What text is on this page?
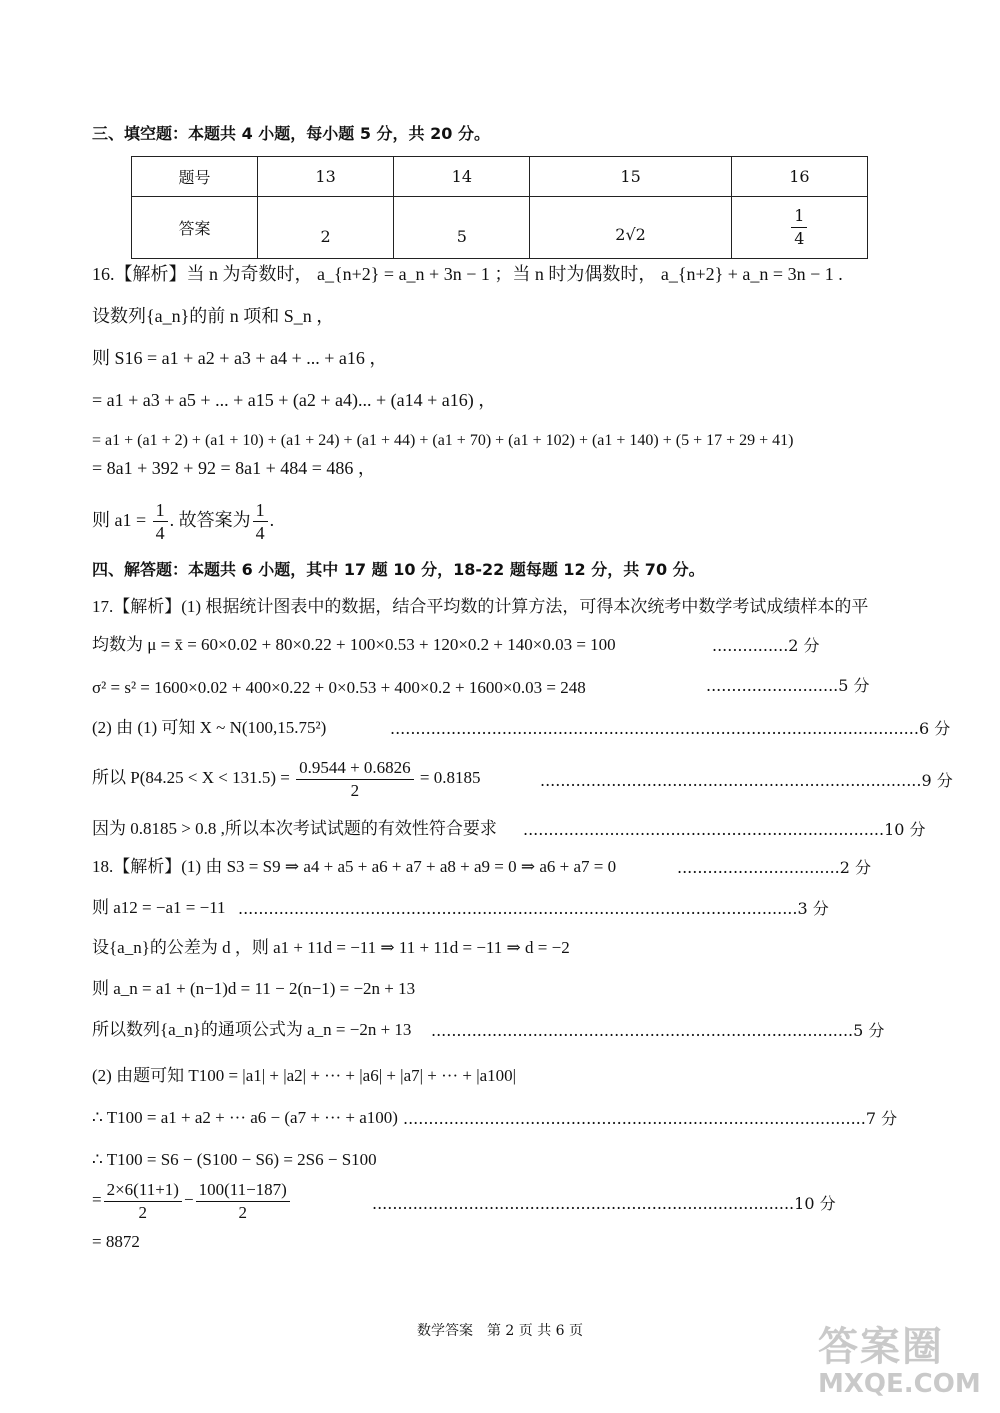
三、填空题：本题共 4 小题，每小题 5 分，共 20 分。
题号	13	14	15	16
答案	2	5	2√2	$\frac{1}{4}$
16.【解析】当 n 为奇数时， a_{n+2} = a_n + 3n − 1 ；当 n 时为偶数时， a_{n+2} + a_n = 3n − 1 .
设数列{a_n}的前 n 项和 S_n ，
则 S16 = a1 + a2 + a3 + a4 + ... + a16 ，
= a1 + a3 + a5 + ... + a15 + (a2 + a4)... + (a14 + a16) ，
= a1 + (a1 + 2) + (a1 + 10) + (a1 + 24) + (a1 + 44) + (a1 + 70) + (a1 + 102) + (a1 + 140) + (5 + 17 + 29 + 41)
= 8a1 + 392 + 92 = 8a1 + 484 = 486 ，
则 $a1 = \frac{1}{4}$ . 故答案为 $\frac{1}{4}$ .
四、解答题：本题共 6 小题，其中 17 题 10 分，18-22 题每题 12 分，共 70 分。
17.【解析】(1) 根据统计图表中的数据，结合平均数的计算方法，可得本次统考中数学考试成绩样本的平
均数为 μ = x̄ = 60×0.02 + 80×0.22 + 100×0.53 + 120×0.2 + 140×0.03 = 100	...............2 分
σ² = s² = 1600×0.02 + 400×0.22 + 0×0.53 + 400×0.2 + 1600×0.03 = 248	..........................5 分
(2) 由 (1) 可知 X ~ N(100,15.75²)	........................................................................................................6 分
所以 $P(84.25 < X < 131.5) = \frac{0.9544 + 0.6826}{2} = 0.8185$	...........................................................................9 分
因为 0.8185 > 0.8 ,所以本次考试试题的有效性符合要求 .......................................................................10 分
18.【解析】(1) 由 S3 = S9 ⇒ a4 + a5 + a6 + a7 + a8 + a9 = 0 ⇒ a6 + a7 = 0	................................2 分
则 a12 = −a1 = −11 ..............................................................................................................3 分
设{a_n}的公差为 d ，则 a1 + 11d = −11 ⇒ 11 + 11d = −11 ⇒ d = −2
则 a_n = a1 + (n−1)d = 11 − 2(n−1) = −2n + 13
所以数列{a_n}的通项公式为 a_n = −2n + 13 ...................................................................................5 分
(2) 由题可知 T100 = |a1| + |a2| + ··· + |a6| + |a7| + ··· + |a100|
∴ T100 = a1 + a2 + ··· a6 − (a7 + ··· + a100) ...........................................................................................7 分
∴ T100 = S6 − (S100 − S6) = 2S6 − S100
= $\frac{2\times 6(11+1)}{2} - \frac{100(11-187)}{2}$	...................................................................................10 分
= 8872
数学答案　第 2 页 共 6 页	答案圈
MXQE.COM
